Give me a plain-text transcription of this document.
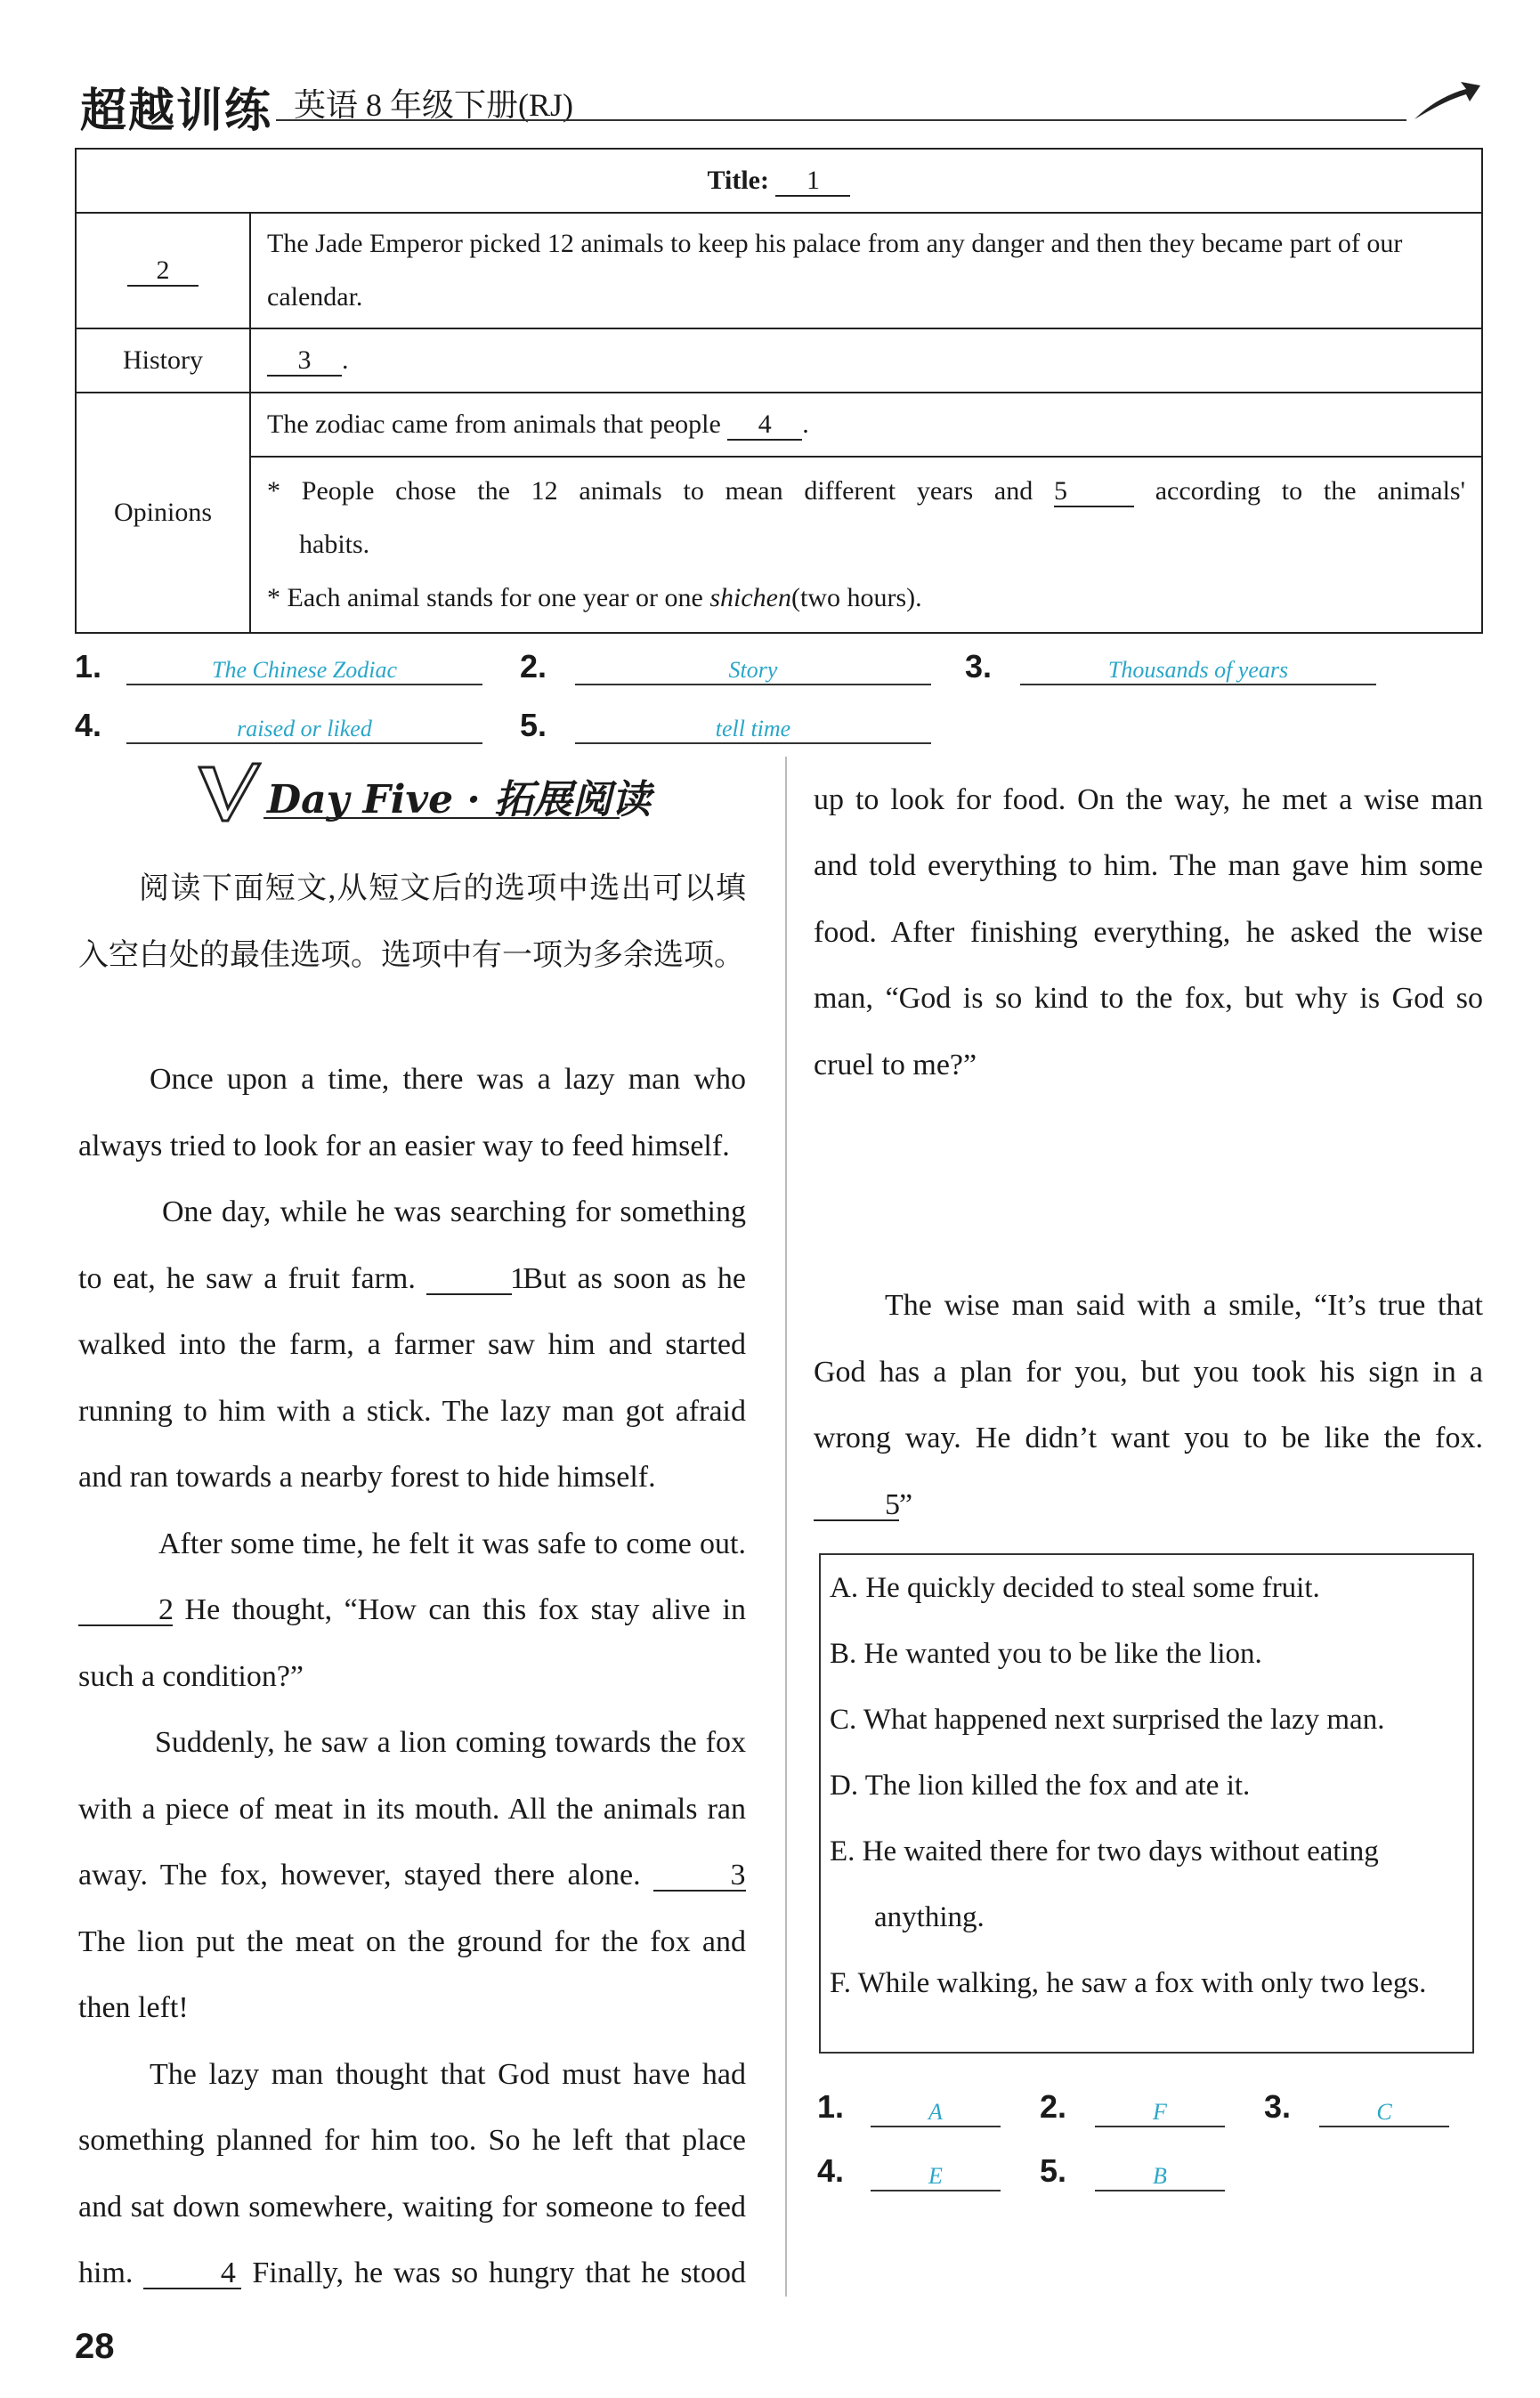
超越训练 英语 8 年级下册(RJ)
Title: 1	
2	The Jade Emperor picked 12 animals to keep his palace from any danger and then they became part of our calendar.
History	3 .
Opinions	The zodiac came from animals that people 4 .

	* People chose the 12 animals to mean different years and 5 according to the animals'
habits.
* Each animal stands for one year or one shichen(two hours).
1.	The Chinese Zodiac	2.	Story	3.	Thousands of years
4.	raised or liked	5.	tell time
Day Five · 拓展阅读
阅读下面短文,从短文后的选项中选出可以填入空白处的最佳选项。选项中有一项为多余选项。
Once upon a time, there was a lazy man who always tried to look for an easier way to feed himself.
One day, while he was searching for something to eat, he saw a fruit farm.	1 But as soon as he walked into the farm, a farmer saw him and started running to him with a stick. The lazy man got afraid and ran towards a nearby forest to hide himself.
After some time, he felt it was safe to come out. 2 He thought, “How can this fox stay alive in such a condition?”
Suddenly, he saw a lion coming towards the fox with a piece of meat in its mouth. All the animals ran away. The fox, however, stayed there alone.	3 The lion put the meat on the ground for the fox and then left!
The lazy man thought that God must have had something planned for him too. So he left that place and sat down somewhere, waiting for someone to feed him.	4 Finally, he was so hungry that he stood
The wise man said with a smile, “It’s true that God has a plan for you, but you took his sign in a wrong way. He didn’t want you to be like the fox. 5”
A. He quickly decided to steal some fruit.
B. He wanted you to be like the lion.
C. What happened next surprised the lazy man.
D. The lion killed the fox and ate it.
E. He waited there for two days without eating anything.
F. While walking, he saw a fox with only two legs.
1.	A	2.	F	3.	C
4.	E	5.	B
28
up to look for food. On the way, he met a wise man and told everything to him. The man gave him some food. After finishing everything, he asked the wise man, “God is so kind to the fox, but why is God so cruel to me?”
